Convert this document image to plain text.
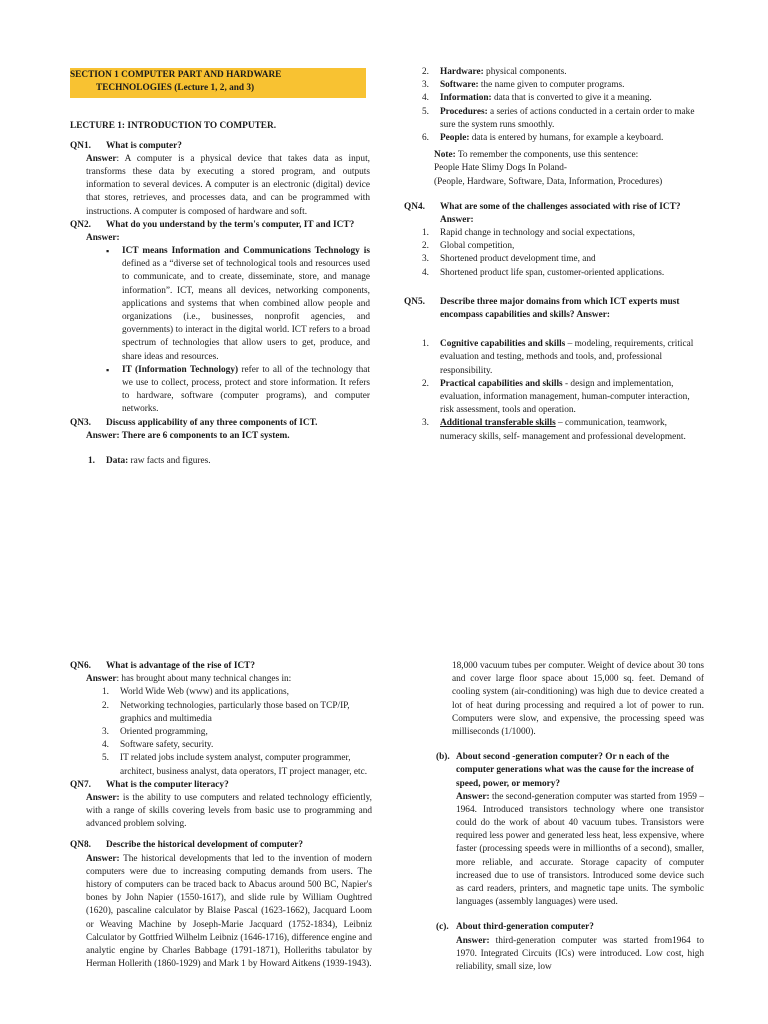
SECTION 1 COMPUTER PART AND HARDWARE
TECHNOLOGIES (Lecture 1, 2, and 3)
LECTURE 1: INTRODUCTION TO COMPUTER.
QN1.	What is computer?
Answer: A computer is a physical device that takes data as input, transforms these data by executing a stored program, and outputs information to several devices. A computer is an electronic (digital) device that stores, retrieves, and processes data, and can be programmed with instructions. A computer is composed of hardware and soft.
QN2.	What do you understand by the term's computer, IT and ICT?
Answer:
▪ ICT means Information and Communications Technology is defined as a “diverse set of technological tools and resources used to communicate, and to create, disseminate, store, and manage information”. ICT, means all devices, networking components, applications and systems that when combined allow people and organizations (i.e., businesses, nonprofit agencies, and governments) to interact in the digital world. ICT refers to a broad spectrum of technologies that allow users to get, produce, and share ideas and resources.
▪ IT (Information Technology) refer to all of the technology that we use to collect, process, protect and store information. It refers to hardware, software (computer programs), and computer networks.
QN3.	Discuss applicability of any three components of ICT.
Answer: There are 6 components to an ICT system.
1. Data: raw facts and figures.
2. Hardware: physical components.
3. Software: the name given to computer programs.
4. Information: data that is converted to give it a meaning.
5. Procedures: a series of actions conducted in a certain order to make sure the system runs smoothly.
6. People: data is entered by humans, for example a keyboard.
Note: To remember the components, use this sentence:
People Hate Slimy Dogs In Poland-
(People, Hardware, Software, Data, Information, Procedures)
QN4.	What are some of the challenges associated with rise of ICT? Answer:
1. Rapid change in technology and social expectations,
2. Global competition,
3. Shortened product development time, and
4. Shortened product life span, customer-oriented applications.
QN5.	Describe three major domains from which ICT experts must encompass capabilities and skills? Answer:
1. Cognitive capabilities and skills – modeling, requirements, critical evaluation and testing, methods and tools, and, professional responsibility.
2. Practical capabilities and skills - design and implementation, evaluation, information management, human-computer interaction, risk assessment, tools and operation.
3. Additional transferable skills – communication, teamwork, numeracy skills, self- management and professional development.
QN6.	What is advantage of the rise of ICT?
Answer: has brought about many technical changes in:
1. World Wide Web (www) and its applications,
2. Networking technologies, particularly those based on TCP/IP, graphics and multimedia
3. Oriented programming,
4. Software safety, security.
5. IT related jobs include system analyst, computer programmer, architect, business analyst, data operators, IT project manager, etc.
QN7.	What is the computer literacy?
Answer: is the ability to use computers and related technology efficiently, with a range of skills covering levels from basic use to programming and advanced problem solving.
QN8.	Describe the historical development of computer?
Answer: The historical developments that led to the invention of modern computers were due to increasing computing demands from users. The history of computers can be traced back to Abacus around 500 BC, Napier's bones by John Napier (1550-1617), and slide rule by William Oughtred (1620), pascaline calculator by Blaise Pascal (1623-1662), Jacquard Loom or Weaving Machine by Joseph-Marie Jacquard (1752-1834), Leibniz Calculator by Gottfried Wilhelm Leibniz (1646-1716), difference engine and analytic engine by Charles Babbage (1791-1871), Holleriths tabulator by Herman Hollerith (1860-1929) and Mark 1 by Howard Aitkens (1939-1943).
18,000 vacuum tubes per computer. Weight of device about 30 tons and cover large floor space about 15,000 sq. feet. Demand of cooling system (air-conditioning) was high due to device created a lot of heat during processing and required a lot of power to run. Computers were slow, and expensive, the processing speed was milliseconds (1/1000).
(b). About second -generation computer? Or n each of the computer generations what was the cause for the increase of speed, power, or memory?
Answer: the second-generation computer was started from 1959 – 1964. Introduced transistors technology where one transistor could do the work of about 40 vacuum tubes. Transistors were required less power and generated less heat, less expensive, where faster (processing speeds were in millionths of a second), smaller, more reliable, and accurate. Storage capacity of computer increased due to use of transistors. Introduced some device such as card readers, printers, and magnetic tape units. The symbolic languages (assembly languages) were used.
(c). About third-generation computer?
Answer: third-generation computer was started from1964 to 1970. Integrated Circuits (ICs) were introduced. Low cost, high reliability, small size, low
